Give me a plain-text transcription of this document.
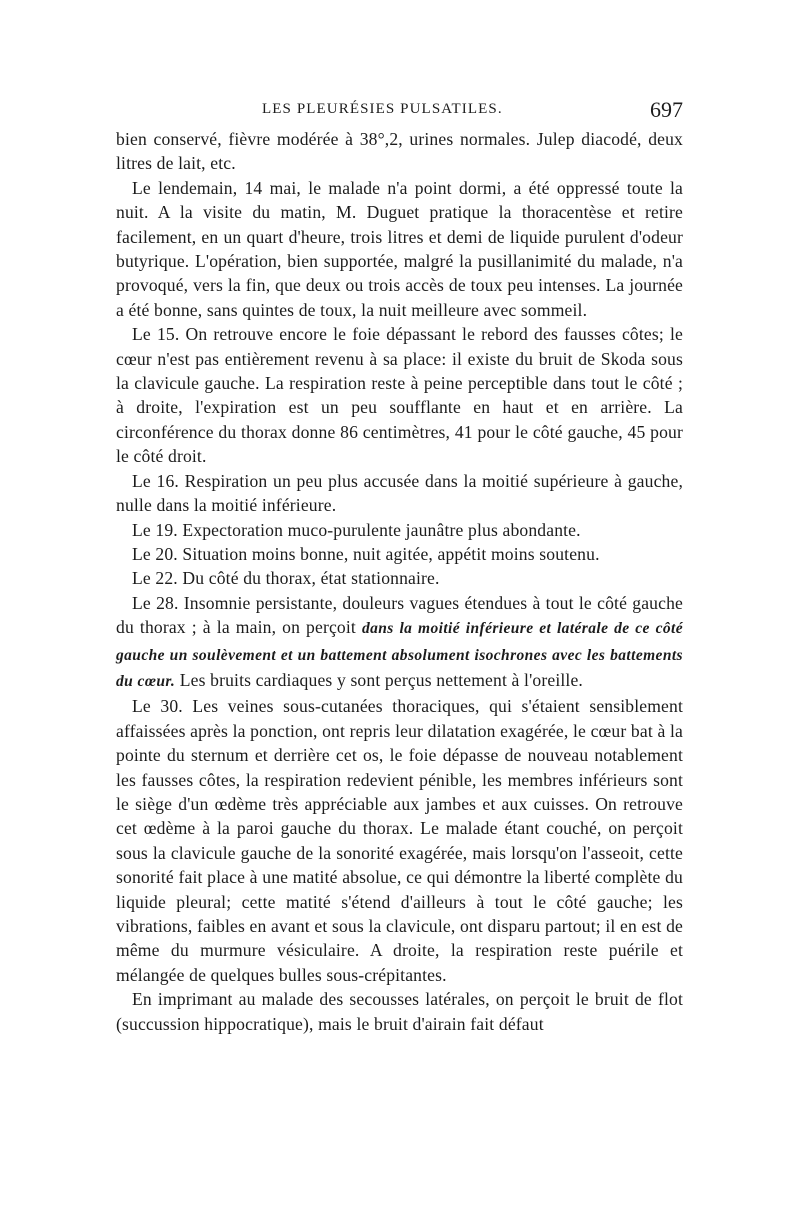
LES PLEURÉSIES PULSATILES.	697

bien conservé, fièvre modérée à 38°,2, urines normales. Julep diacodé, deux litres de lait, etc.

Le lendemain, 14 mai, le malade n'a point dormi, a été oppressé toute la nuit. A la visite du matin, M. Duguet pratique la thoracentèse et retire facilement, en un quart d'heure, trois litres et demi de liquide purulent d'odeur butyrique. L'opération, bien supportée, malgré la pusillanimité du malade, n'a provoqué, vers la fin, que deux ou trois accès de toux peu intenses. La journée a été bonne, sans quintes de toux, la nuit meilleure avec sommeil.

Le 15. On retrouve encore le foie dépassant le rebord des fausses côtes; le cœur n'est pas entièrement revenu à sa place: il existe du bruit de Skoda sous la clavicule gauche. La respiration reste à peine perceptible dans tout le côté ; à droite, l'expiration est un peu soufflante en haut et en arrière. La circonférence du thorax donne 86 centimètres, 41 pour le côté gauche, 45 pour le côté droit.

Le 16. Respiration un peu plus accusée dans la moitié supérieure à gauche, nulle dans la moitié inférieure.

Le 19. Expectoration muco-purulente jaunâtre plus abondante.

Le 20. Situation moins bonne, nuit agitée, appétit moins soutenu.

Le 22. Du côté du thorax, état stationnaire.

Le 28. Insomnie persistante, douleurs vagues étendues à tout le côté gauche du thorax ; à la main, on perçoit dans la moitié inférieure et latérale de ce côté gauche un soulèvement et un battement absolument isochrones avec les battements du cœur. Les bruits cardiaques y sont perçus nettement à l'oreille.

Le 30. Les veines sous-cutanées thoraciques, qui s'étaient sensiblement affaissées après la ponction, ont repris leur dilatation exagérée, le cœur bat à la pointe du sternum et derrière cet os, le foie dépasse de nouveau notablement les fausses côtes, la respiration redevient pénible, les membres inférieurs sont le siège d'un œdème très appréciable aux jambes et aux cuisses. On retrouve cet œdème à la paroi gauche du thorax. Le malade étant couché, on perçoit sous la clavicule gauche de la sonorité exagérée, mais lorsqu'on l'asseoit, cette sonorité fait place à une matité absolue, ce qui démontre la liberté complète du liquide pleural; cette matité s'étend d'ailleurs à tout le côté gauche; les vibrations, faibles en avant et sous la clavicule, ont disparu partout; il en est de même du murmure vésiculaire. A droite, la respiration reste puérile et mélangée de quelques bulles sous-crépitantes.

En imprimant au malade des secousses latérales, on perçoit le bruit de flot (succussion hippocratique), mais le bruit d'airain fait défaut
